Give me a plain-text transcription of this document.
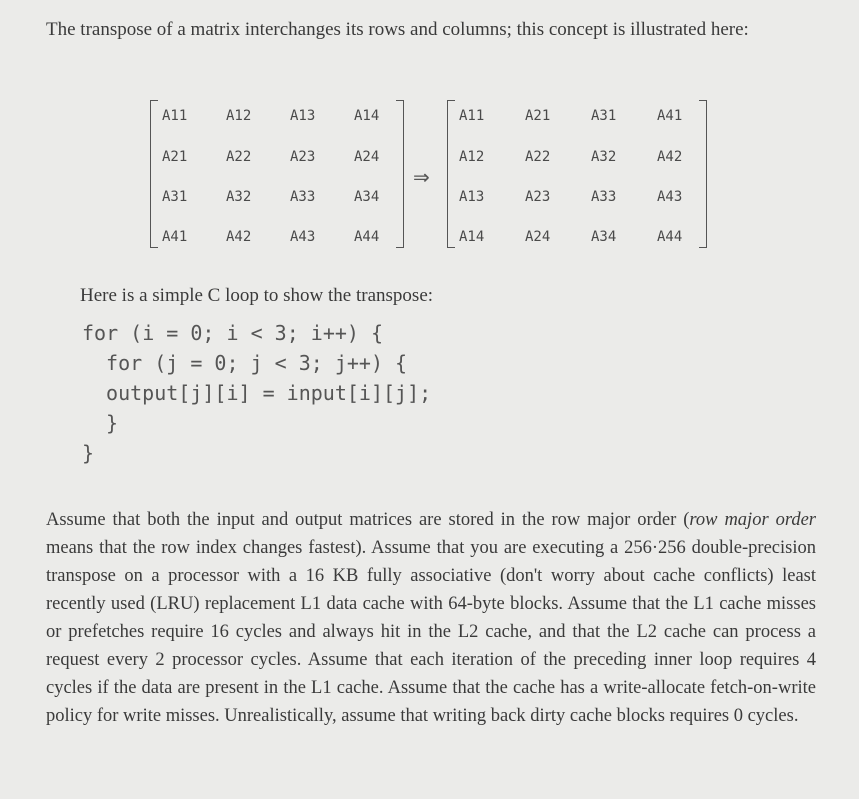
The transpose of a matrix interchanges its rows and columns; this concept is illustrated here:

A11	A12	A13	A14
A21	A22	A23	A24
A31	A32	A33	A34
A41	A42	A43	A44
⇒
A11	A21	A31	A41
A12	A22	A32	A42
A13	A23	A33	A43
A14	A24	A34	A44

Here is a simple C loop to show the transpose:

for (i = 0; i < 3; i++) {
for (j = 0; j < 3; j++) {
output[j][i] = input[i][j];
}
}

Assume that both the input and output matrices are stored in the row major order (row major order means that the row index changes fastest). Assume that you are executing a 256·256 double-precision transpose on a processor with a 16 KB fully associative (don't worry about cache conflicts) least recently used (LRU) replacement L1 data cache with 64-byte blocks. Assume that the L1 cache misses or prefetches require 16 cycles and always hit in the L2 cache, and that the L2 cache can process a request every 2 processor cycles. Assume that each iteration of the preceding inner loop requires 4 cycles if the data are present in the L1 cache. Assume that the cache has a write-allocate fetch-on-write policy for write misses. Unrealistically, assume that writing back dirty cache blocks requires 0 cycles.
